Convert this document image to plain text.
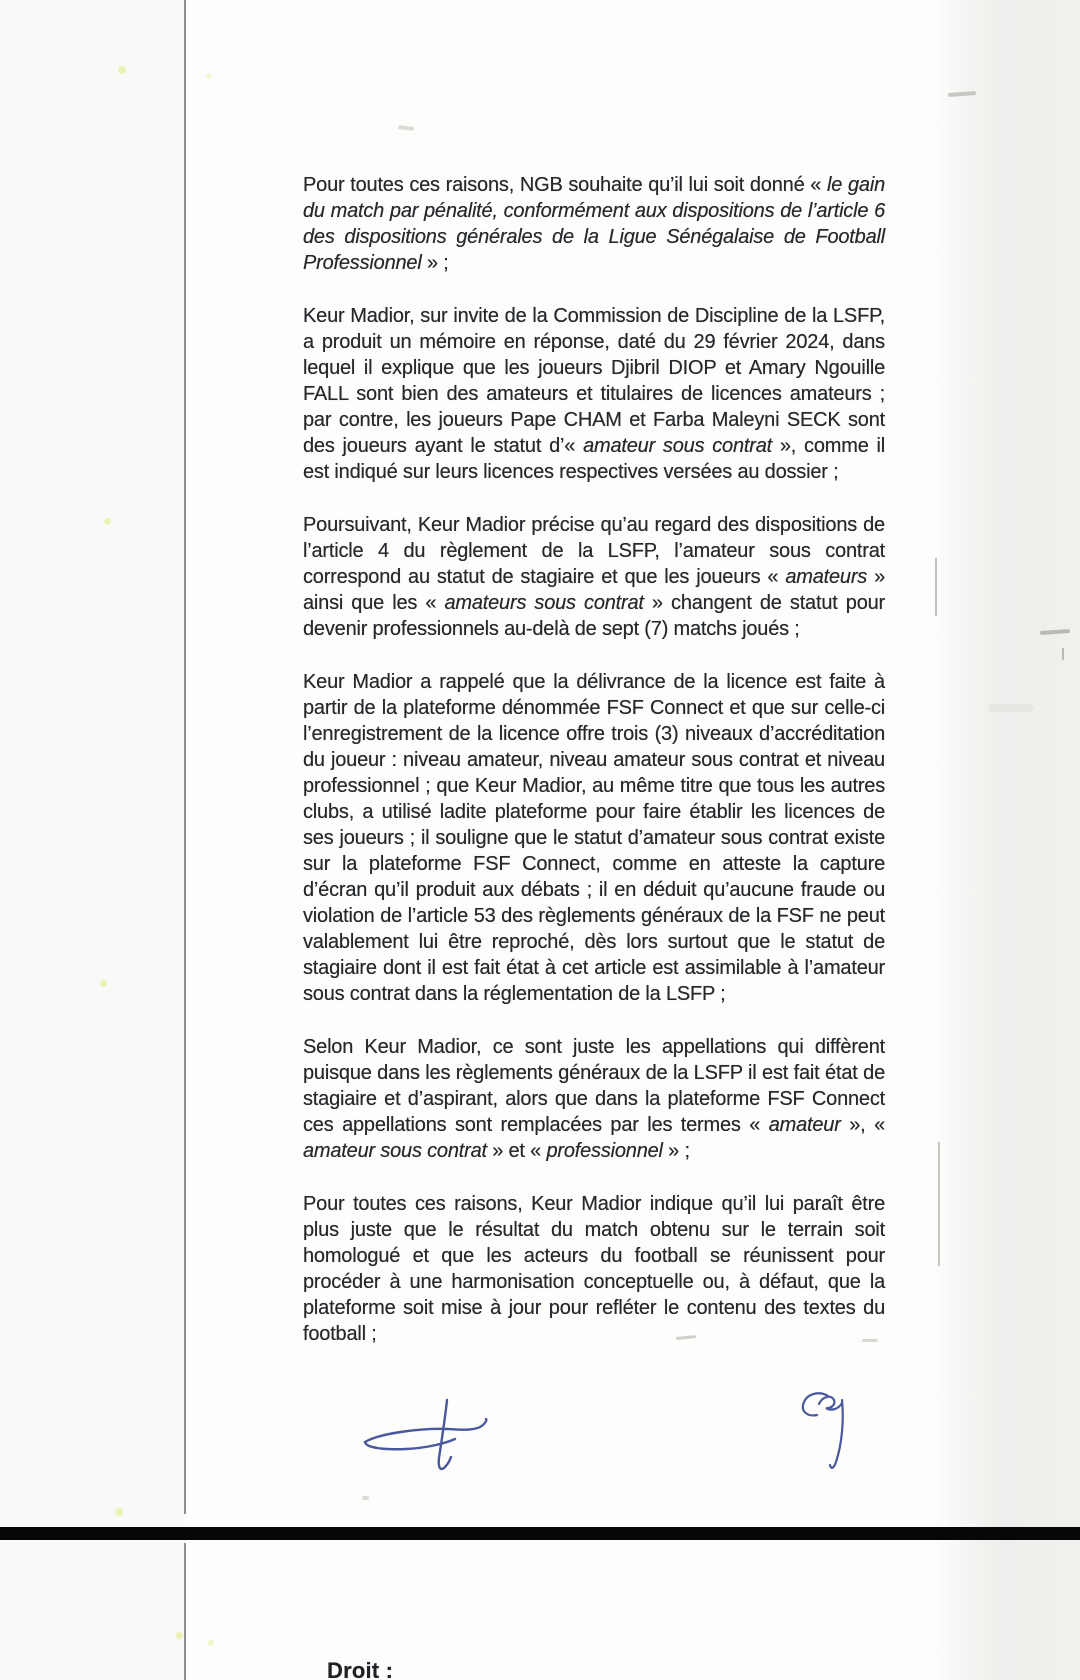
Pour toutes ces raisons, NGB souhaite qu’il lui soit donné « le gain du match par pénalité, conformément aux dispositions de l’article 6 des dispositions générales de la Ligue Sénégalaise de Football Professionnel » ;

Keur Madior, sur invite de la Commission de Discipline de la LSFP, a produit un mémoire en réponse, daté du 29 février 2024, dans lequel il explique que les joueurs Djibril DIOP et Amary Ngouille FALL sont bien des amateurs et titulaires de licences amateurs ; par contre, les joueurs Pape CHAM et Farba Maleyni SECK sont des joueurs ayant le statut d’« amateur sous contrat », comme il est indiqué sur leurs licences respectives versées au dossier ;

Poursuivant, Keur Madior précise qu’au regard des dispositions de l’article 4 du règlement de la LSFP, l’amateur sous contrat correspond au statut de stagiaire et que les joueurs « amateurs » ainsi que les « amateurs sous contrat » changent de statut pour devenir professionnels au-delà de sept (7) matchs joués ;

Keur Madior a rappelé que la délivrance de la licence est faite à partir de la plateforme dénommée FSF Connect et que sur celle-ci l’enregistrement de la licence offre trois (3) niveaux d’accréditation du joueur : niveau amateur, niveau amateur sous contrat et niveau professionnel ; que Keur Madior, au même titre que tous les autres clubs, a utilisé ladite plateforme pour faire établir les licences de ses joueurs ; il souligne que le statut d’amateur sous contrat existe sur la plateforme FSF Connect, comme en atteste la capture d’écran qu’il produit aux débats ; il en déduit qu’aucune fraude ou violation de l’article 53 des règlements généraux de la FSF ne peut valablement lui être reproché, dès lors surtout que le statut de stagiaire dont il est fait état à cet article est assimilable à l’amateur sous contrat dans la réglementation de la LSFP ;

Selon Keur Madior, ce sont juste les appellations qui diffèrent puisque dans les règlements généraux de la LSFP il est fait état de stagiaire et d’aspirant, alors que dans la plateforme FSF Connect ces appellations sont remplacées par les termes « amateur », « amateur sous contrat » et « professionnel » ;

Pour toutes ces raisons, Keur Madior indique qu’il lui paraît être plus juste que le résultat du match obtenu sur le terrain soit homologué et que les acteurs du football se réunissent pour procéder à une harmonisation conceptuelle ou, à défaut, que la plateforme soit mise à jour pour refléter le contenu des textes du football ;

Droit :
